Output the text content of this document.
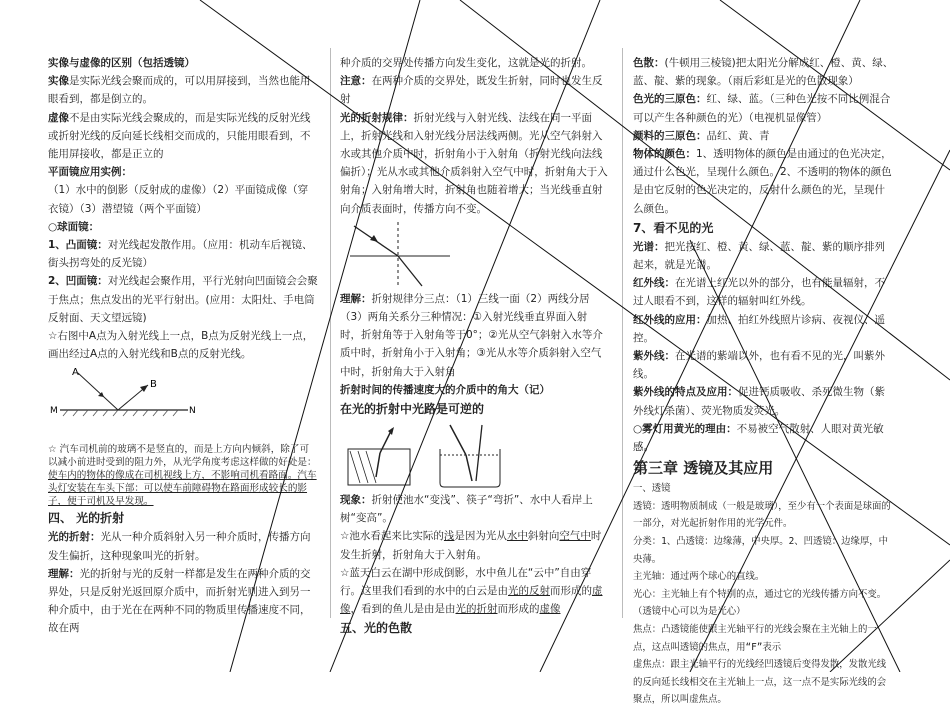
实像与虚像的区别（包括透镜）

实像是实际光线会聚而成的，可以用屏接到，当然也能用眼看到，都是倒立的。

虚像不是由实际光线会聚成的，而是实际光线的反射光线或折射光线的反向延长线相交而成的，只能用眼看到，不能用屏接收，都是正立的

平面镜应用实例：

（1）水中的倒影（反射成的虚像）（2）平面镜成像（穿衣镜）（3）潜望镜（两个平面镜）

○球面镜：

1、凸面镜：对光线起发散作用。（应用：机动车后视镜、街头拐弯处的反光镜）

2、凹面镜：对光线起会聚作用，平行光射向凹面镜会会聚于焦点；焦点发出的光平行射出。(应用：太阳灶、手电筒反射面、天文望远镜)

☆右图中A点为入射光线上一点，B点为反射光线上一点，画出经过A点的入射光线和B点的反射光线。

A
B
M	N

☆ 汽车司机前的玻璃不是竖直的，而是上方向内倾斜，除了可以减小前进时受到的阻力外，从光学角度考虑这样做的好处是：使车内的物体的像成在司机视线上方，不影响司机看路面。汽车头灯安装在车头下部：可以使车前障碍物在路面形成较长的影子，便于司机及早发现。

四、 光的折射

光的折射：光从一种介质斜射入另一种介质时，传播方向发生偏折，这种现象叫光的折射。

理解：光的折射与光的反射一样都是发生在两种介质的交界处，只是反射光返回原介质中，而折射光则进入到另一种介质中，由于光在在两种不同的物质里传播速度不同，故在两

种介质的交界处传播方向发生变化，这就是光的折射。

注意：在两种介质的交界处，既发生折射，同时也发生反射

光的折射规律：折射光线与入射光线、法线在同一平面上，折射光线和入射光线分居法线两侧。光从空气斜射入水或其他介质中时，折射角小于入射角（折射光线向法线偏折）；光从水或其他介质斜射入空气中时，折射角大于入射角；入射角增大时，折射角也随着增大；当光线垂直射向介质表面时，传播方向不变。

理解：折射规律分三点：（1）三线一面（2）两线分居（3）两角关系分三种情况：①入射光线垂直界面入射时，折射角等于入射角等于0°；②光从空气斜射入水等介质中时，折射角小于入射角；③光从水等介质斜射入空气中时，折射角大于入射角

折射时间的传播速度大的介质中的角大（记）

在光的折射中光路是可逆的

现象：折射使池水“变浅”、筷子“弯折”、水中人看岸上树“变高”。

☆池水看起来比实际的浅是因为光从水中斜射向空气中时发生折射，折射角大于入射角。

☆蓝天白云在湖中形成倒影，水中鱼儿在“云中”自由穿行。这里我们看到的水中的白云是由光的反射而形成的虚像，看到的鱼儿是由是由光的折射而形成的虚像

五、光的色散

色散：(牛顿用三棱镜)把太阳光分解成红、橙、黄、绿、蓝、靛、紫的现象。（雨后彩虹是光的色散现象）

色光的三原色：红、绿、蓝。（三种色光按不同比例混合可以产生各种颜色的光）（电视机显像管）

颜料的三原色：品红、黄、青

物体的颜色：1、透明物体的颜色是由通过的色光决定，通过什么色光，呈现什么颜色。2、不透明的物体的颜色是由它反射的色光决定的，反射什么颜色的光，呈现什么颜色。

7、看不见的光

光谱：把光按红、橙、黄、绿、蓝、靛、紫的顺序排列起来，就是光谱。

红外线：在光谱上红光以外的部分，也有能量辐射，不过人眼看不到，这样的辐射叫红外线。

红外线的应用：加热、拍红外线照片诊病、夜视仪、遥控。

紫外线：在光谱的紫端以外，也有看不见的光，叫紫外线。

紫外线的特点及应用：促进钙质吸收、杀死微生物（紫外线灯杀菌）、荧光物质发荧光。

○雾灯用黄光的理由：不易被空气散射、人眼对黄光敏感。

第三章 透镜及其应用

一、透镜

透镜：透明物质制成（一般是玻璃），至少有一个表面是球面的一部分，对光起折射作用的光学元件。

分类：1、凸透镜：边缘薄，中央厚。2、凹透镜：边缘厚，中央薄。

主光轴：通过两个球心的直线。

光心：主光轴上有个特别的点，通过它的光线传播方向不变。（透镜中心可以为是光心）

焦点：凸透镜能使跟主光轴平行的光线会聚在主光轴上的一点，这点叫透镜的焦点，用“F”表示

虚焦点：跟主光轴平行的光线经凹透镜后变得发散，发散光线的反向延长线相交在主光轴上一点，这一点不是实际光线的会聚点，所以叫虚焦点。
